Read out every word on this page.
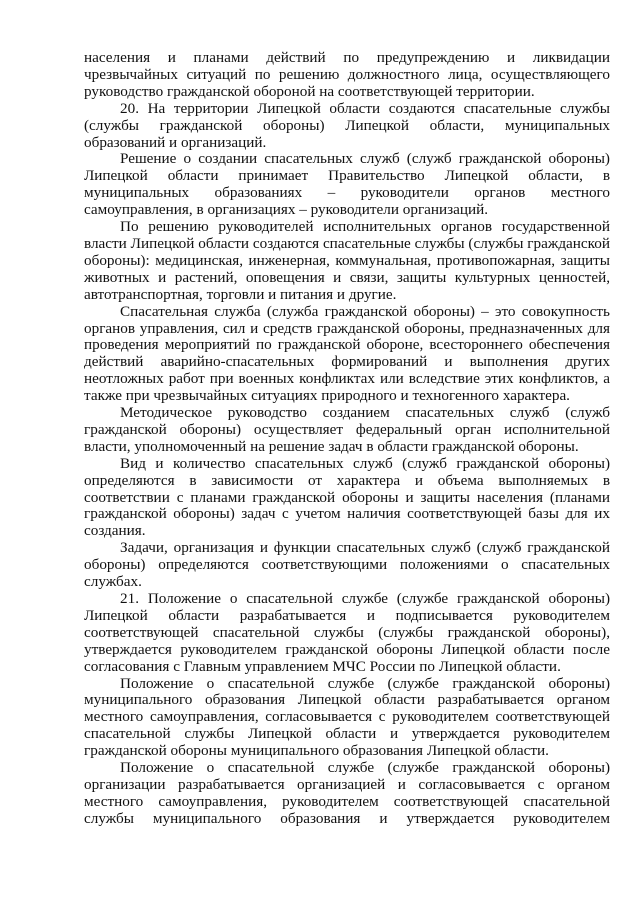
населения и планами действий по предупреждению и ликвидации чрезвычайных ситуаций по решению должностного лица, осуществляющего руководство гражданской обороной на соответствующей территории.

20. На территории Липецкой области создаются спасательные службы (службы гражданской обороны) Липецкой области, муниципальных образований и организаций.

Решение о создании спасательных служб (служб гражданской обороны) Липецкой области принимает Правительство Липецкой области, в муниципальных образованиях – руководители органов местного самоуправления, в организациях – руководители организаций.

По решению руководителей исполнительных органов государственной власти Липецкой области создаются спасательные службы (службы гражданской обороны): медицинская, инженерная, коммунальная, противопожарная, защиты животных и растений, оповещения и связи, защиты культурных ценностей, автотранспортная, торговли и питания и другие.

Спасательная служба (служба гражданской обороны) – это совокупность органов управления, сил и средств гражданской обороны, предназначенных для проведения мероприятий по гражданской обороне, всестороннего обеспечения действий аварийно-спасательных формирований и выполнения других неотложных работ при военных конфликтах или вследствие этих конфликтов, а также при чрезвычайных ситуациях природного и техногенного характера.

Методическое руководство созданием спасательных служб (служб гражданской обороны) осуществляет федеральный орган исполнительной власти, уполномоченный на решение задач в области гражданской обороны.

Вид и количество спасательных служб (служб гражданской обороны) определяются в зависимости от характера и объема выполняемых в соответствии с планами гражданской обороны и защиты населения (планами гражданской обороны) задач с учетом наличия соответствующей базы для их создания.

Задачи, организация и функции спасательных служб (служб гражданской обороны) определяются соответствующими положениями о спасательных службах.

21. Положение о спасательной службе (службе гражданской обороны) Липецкой области разрабатывается и подписывается руководителем соответствующей спасательной службы (службы гражданской обороны), утверждается руководителем гражданской обороны Липецкой области после согласования с Главным управлением МЧС России по Липецкой области.

Положение о спасательной службе (службе гражданской обороны) муниципального образования Липецкой области разрабатывается органом местного самоуправления, согласовывается с руководителем соответствующей спасательной службы Липецкой области и утверждается руководителем гражданской обороны муниципального образования Липецкой области.

Положение о спасательной службе (службе гражданской обороны) организации разрабатывается организацией и согласовывается с органом местного самоуправления, руководителем соответствующей спасательной службы муниципального образования и утверждается руководителем
